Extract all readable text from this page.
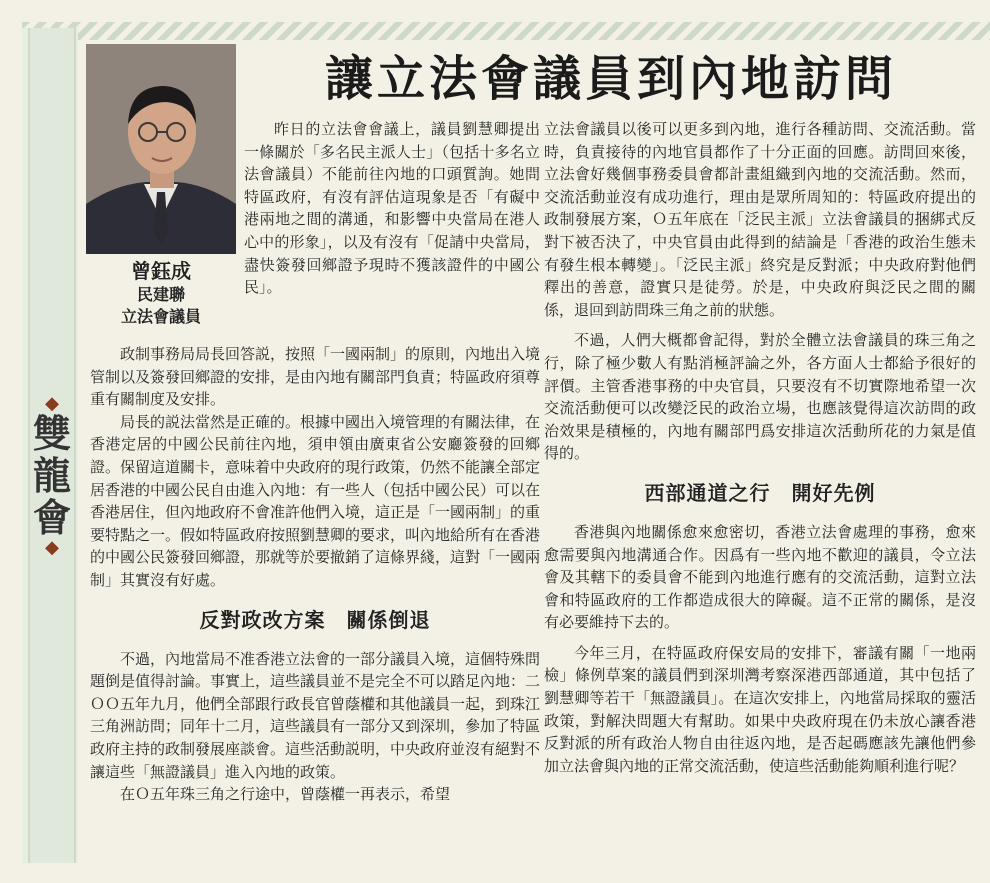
◆
雙
龍
會
◆
曾鈺成
民建聯
立法會議員
讓立法會議員到內地訪問

昨日的立法會會議上，議員劉慧卿提出一條關於「多名民主派人士」（包括十多名立法會議員）不能前往內地的口頭質詢。她問特區政府，有沒有評估這現象是否「有礙中港兩地之間的溝通，和影響中央當局在港人心中的形象」，以及有沒有「促請中央當局，盡快簽發回鄉證予現時不獲該證件的中國公民」。

政制事務局局長回答説，按照「一國兩制」的原則，內地出入境管制以及簽發回鄉證的安排，是由內地有關部門負責；特區政府須尊重有關制度及安排。

局長的説法當然是正確的。根據中國出入境管理的有關法律，在香港定居的中國公民前往內地，須申領由廣東省公安廳簽發的回鄉證。保留這道關卡，意味着中央政府的現行政策，仍然不能讓全部定居香港的中國公民自由進入內地：有一些人（包括中國公民）可以在香港居住，但內地政府不會准許他們入境，這正是「一國兩制」的重要特點之一。假如特區政府按照劉慧卿的要求，叫內地給所有在香港的中國公民簽發回鄉證，那就等於要撤銷了這條界綫，這對「一國兩制」其實沒有好處。

反對政改方案　關係倒退

不過，內地當局不准香港立法會的一部分議員入境，這個特殊問題倒是值得討論。事實上，這些議員並不是完全不可以踏足內地：二ＯＯ五年九月，他們全部跟行政長官曾蔭權和其他議員一起，到珠江三角洲訪問；同年十二月，這些議員有一部分又到深圳，參加了特區政府主持的政制發展座談會。這些活動説明，中央政府並沒有絕對不讓這些「無證議員」進入內地的政策。

在Ｏ五年珠三角之行途中，曾蔭權一再表示，希望

立法會議員以後可以更多到內地，進行各種訪問、交流活動。當時，負責接待的內地官員都作了十分正面的回應。訪問回來後，立法會好幾個事務委員會都計畫組織到內地的交流活動。然而，交流活動並沒有成功進行，理由是眾所周知的：特區政府提出的政制發展方案，Ｏ五年底在「泛民主派」立法會議員的捆綁式反對下被否決了，中央官員由此得到的結論是「香港的政治生態未有發生根本轉變」。「泛民主派」終究是反對派；中央政府對他們釋出的善意，證實只是徒勞。於是，中央政府與泛民之間的關係，退回到訪問珠三角之前的狀態。

不過，人們大概都會記得，對於全體立法會議員的珠三角之行，除了極少數人有點消極評論之外，各方面人士都給予很好的評價。主管香港事務的中央官員，只要沒有不切實際地希望一次交流活動便可以改變泛民的政治立場，也應該覺得這次訪問的政治效果是積極的，內地有關部門爲安排這次活動所花的力氣是值得的。

西部通道之行　開好先例

香港與內地關係愈來愈密切，香港立法會處理的事務，愈來愈需要與內地溝通合作。因爲有一些內地不歡迎的議員，令立法會及其轄下的委員會不能到內地進行應有的交流活動，這對立法會和特區政府的工作都造成很大的障礙。這不正常的關係，是沒有必要維持下去的。

今年三月，在特區政府保安局的安排下，審議有關「一地兩檢」條例草案的議員們到深圳灣考察深港西部通道，其中包括了劉慧卿等若干「無證議員」。在這次安排上，內地當局採取的靈活政策，對解決問題大有幫助。如果中央政府現在仍未放心讓香港反對派的所有政治人物自由往返內地，是否起碼應該先讓他們參加立法會與內地的正常交流活動，使這些活動能夠順利進行呢？
